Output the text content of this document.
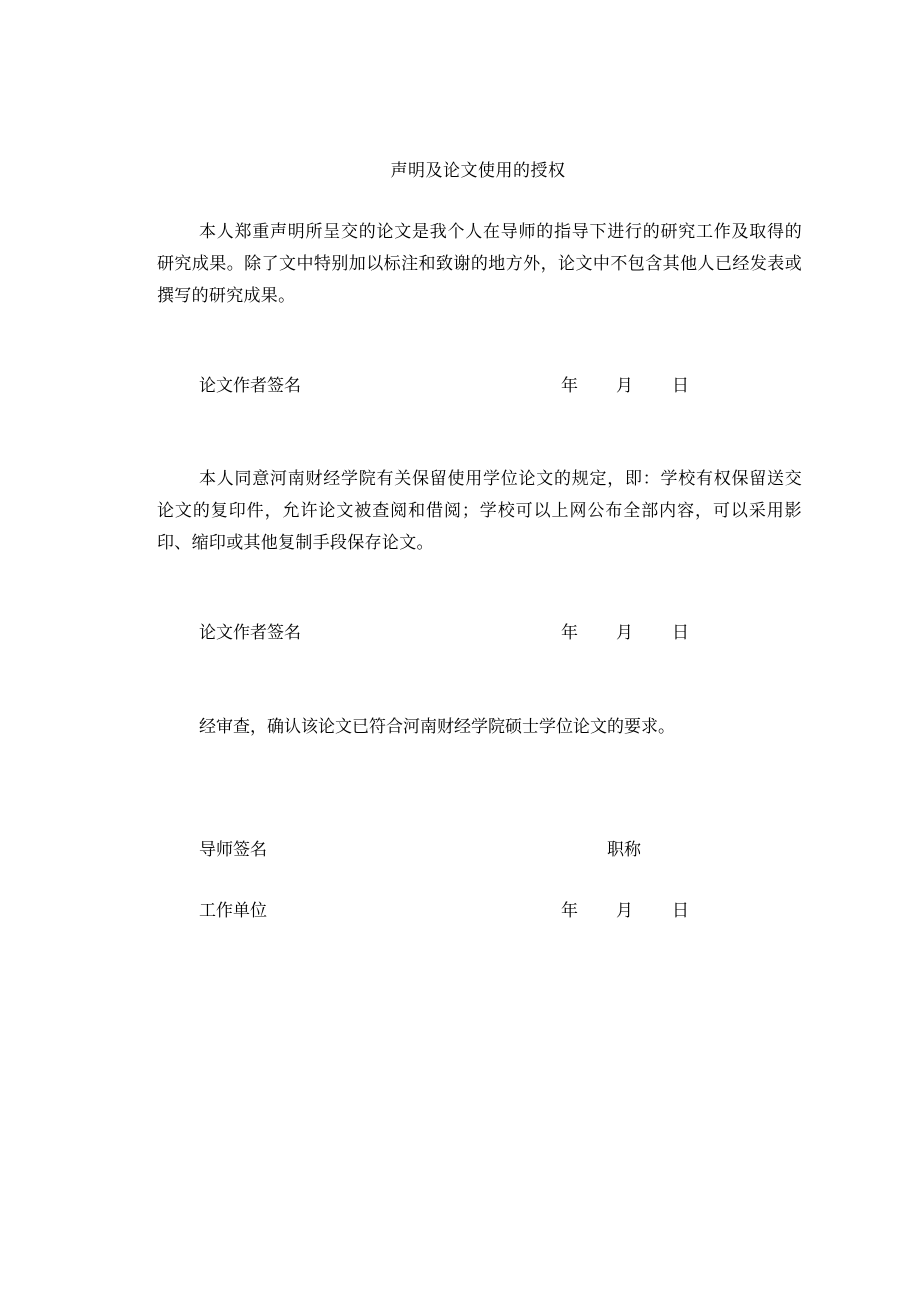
声明及论文使用的授权
本人郑重声明所呈交的论文是我个人在导师的指导下进行的研究工作及取得的研究成果。除了文中特别加以标注和致谢的地方外，论文中不包含其他人已经发表或撰写的研究成果。
论文作者签名	年 月 日
本人同意河南财经学院有关保留使用学位论文的规定，即：学校有权保留送交论文的复印件，允许论文被查阅和借阅；学校可以上网公布全部内容，可以采用影印、缩印或其他复制手段保存论文。
论文作者签名	年 月 日
经审查，确认该论文已符合河南财经学院硕士学位论文的要求。
导师签名	职称
工作单位	年 月 日
